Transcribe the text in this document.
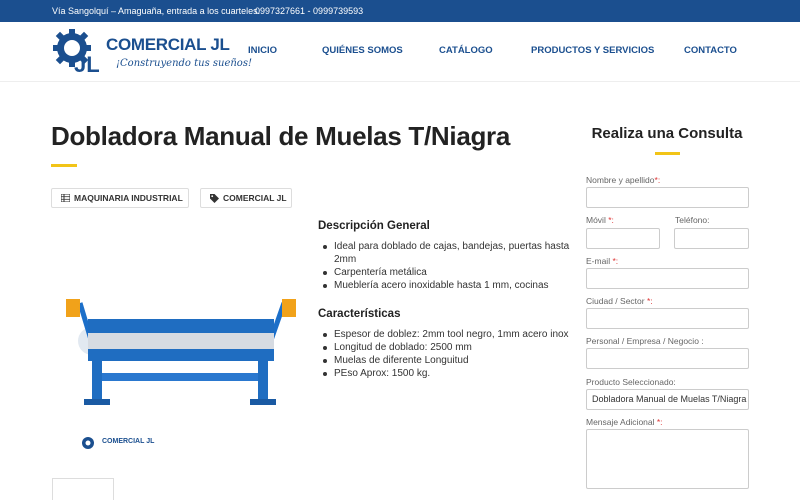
Vía Sangolquí – Amaguaña, entrada a los cuarteles.
0997327661 - 0999739593
JL
COMERCIAL JL
¡Construyendo tus sueños!
INICIO	QUIÉNES SOMOS	CATÁLOGO	PRODUCTOS Y SERVICIOS	CONTACTO
Dobladora Manual de Muelas T/Niagra
MAQUINARIA INDUSTRIAL	COMERCIAL JL
COMERCIAL JL
Descripción General
Ideal para doblado de cajas, bandejas, puertas hasta 2mm
Carpentería metálica
Mueblería acero inoxidable hasta 1 mm, cocinas
Características
Espesor de doblez: 2mm tool negro, 1mm acero inox
Longitud de doblado: 2500 mm
Muelas de diferente Longuitud
PEso Aprox: 1500 kg.
Realiza una Consulta
Nombre y apellido*:
Móvil *:	Teléfono:
E-mail *:
Ciudad / Sector *:
Personal / Empresa / Negocio :
Producto Seleccionado:
Dobladora Manual de Muelas T/Niagra
Mensaje Adicional *:
